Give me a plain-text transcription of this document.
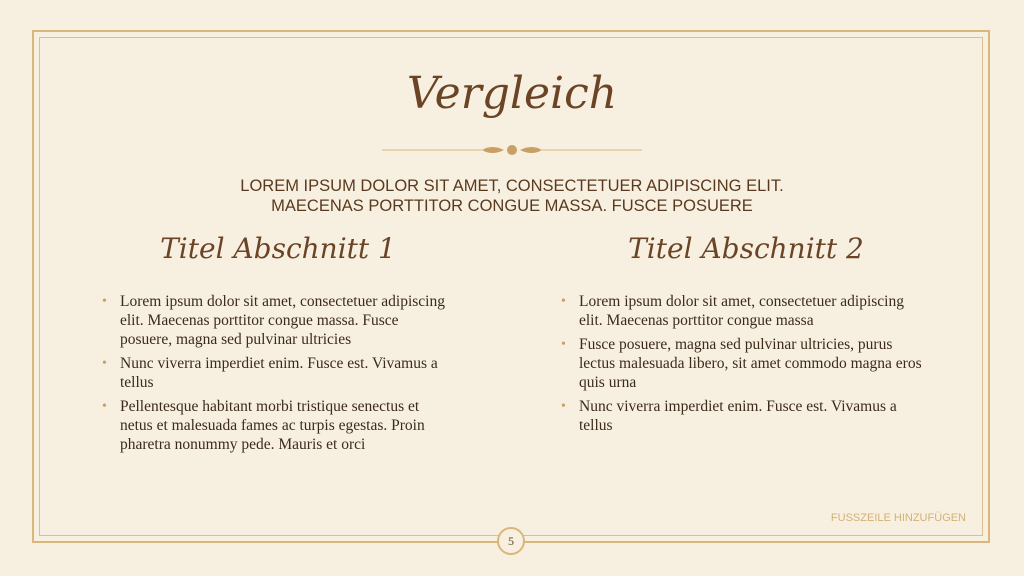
Vergleich
LOREM IPSUM DOLOR SIT AMET, CONSECTETUER ADIPISCING ELIT.
MAECENAS PORTTITOR CONGUE MASSA. FUSCE POSUERE
Titel Abschnitt 1	Titel Abschnitt 2
• Lorem ipsum dolor sit amet, consectetuer adipiscing elit. Maecenas porttitor congue massa. Fusce posuere, magna sed pulvinar ultricies
• Nunc viverra imperdiet enim. Fusce est. Vivamus a tellus
• Pellentesque habitant morbi tristique senectus et netus et malesuada fames ac turpis egestas. Proin pharetra nonummy pede. Mauris et orci
• Lorem ipsum dolor sit amet, consectetuer adipiscing elit. Maecenas porttitor congue massa
• Fusce posuere, magna sed pulvinar ultricies, purus lectus malesuada libero, sit amet commodo magna eros quis urna
• Nunc viverra imperdiet enim. Fusce est. Vivamus a tellus
FUSSZEILE HINZUFÜGEN
5
